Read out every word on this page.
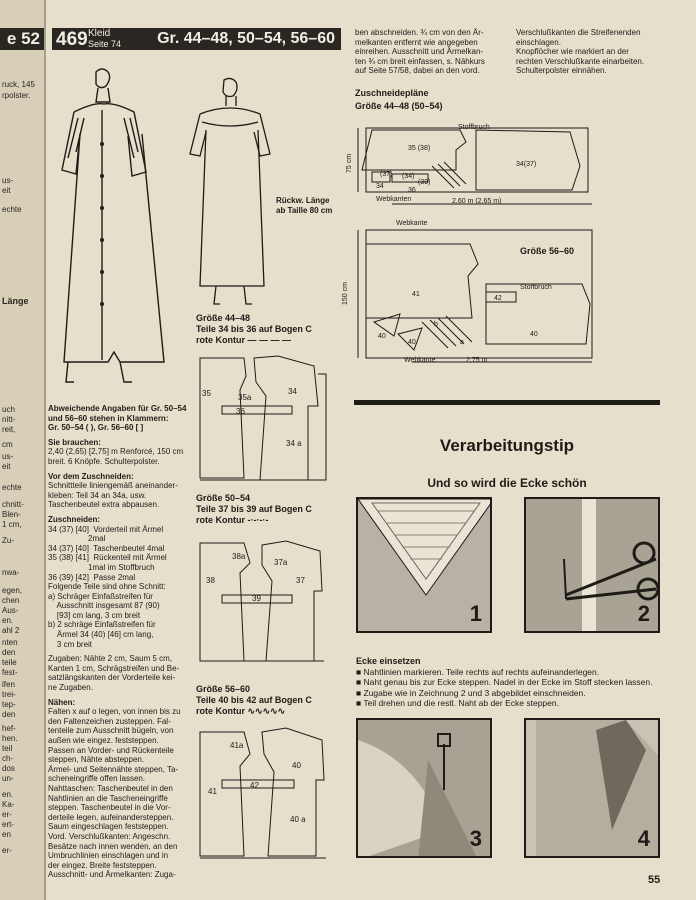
e 52
ruck, 145
rpolster.
us-
eit
echte
Länge
uch
nitt-
reit,
cm
us-
eit
echte
chnitt-
Blen-
1 cm,
Zu-
nwa-
egen,
chen
Aus-
en.
ahl 2
nten
den
teile
fest-
ifen
trei-
tep-
den
hef-
hen.
teil
ch-
dos
un-
en.
Ka-
er-
ert-
en
er-
469 Kleid
Seite 74 Gr. 44–48, 50–54, 56–60
Rückw. Länge
ab Taille 80 cm
Größe 44–48
Teile 34 bis 36 auf Bogen C
rote Kontur — — — —
Größe 50–54
Teile 37 bis 39 auf Bogen C
rote Kontur -·-·-·-
Größe 56–60
Teile 40 bis 42 auf Bogen C
rote Kontur ∿∿∿∿∿
35	35a
34
36
34 a
38
38a
37a
37
39
41a
41
40
42
40 a

Abweichende Angaben für Gr. 50–54

und 56–60 stehen in Klammern:

Gr. 50–54 ( ), Gr. 56–60 [ ]

Sie brauchen:

2,40 (2,65) [2,75] m Renforcé, 150 cm

breit. 6 Knöpfe. Schulterpolster.

Vor dem Zuschneiden:

Schnittteile liniengemäß aneinander-

kleben: Teil 34 an 34a, usw.

Taschenbeutel extra abpausen.

Zuschneiden:

34 (37) [40]  Vorderteil mit Ärmel

2mal

34 (37) [40]  Taschenbeutel 4mal

35 (38) [41]  Rückenteil mit Ärmel

1mal im Stoffbruch

36 (39) [42]  Passe 2mal

Folgende Teile sind ohne Schnitt:

a) Schräger Einfaßstreifen für

Ausschnitt insgesamt 87 (90)

[93] cm lang, 3 cm breit

b) 2 schräge Einfaßstreifen für

Ärmel 34 (40) [46] cm lang,

3 cm breit

Zugaben: Nähte 2 cm, Saum 5 cm,

Kanten 1 cm, Schrägstreifen und Be-

satzlängskanten der Vorderteile kei-

ne Zugaben.

Nähen:

Falten x auf o legen, von innen bis zu

den Faltenzeichen zusteppen. Fal-

tenteile zum Ausschnitt bügeln, von

außen wie eingez. feststeppen.

Passen an Vorder- und Rückenteile

steppen, Nähte absteppen.

Ärmel- und Seitennähte steppen, Ta-

scheneingriffe offen lassen.

Nahttaschen: Taschenbeutel in den

Nahtlinien an die Tascheneingriffe

steppen. Taschenbeutel in die Vor-

derteile legen, aufeinandersteppen.

Saum eingeschlagen feststeppen.

Vord. Verschlußkanten: Angeschn.

Besätze nach innen wenden, an den

Umbruchlinien einschlagen und in

der eingez. Breite feststeppen.

Ausschnitt- und Ärmelkanten: Zuga-

ben abschneiden. ¾ cm von den Är-

melkanten entfernt wie angegeben

einreihen. Ausschnitt und Ärmelkan-

ten ¾ cm breit einfassen, s. Nähkurs

auf Seite 57/58, dabei an den vord.

Verschlußkanten die Streifenenden

einschlagen.

Knopflöcher wie markiert an der

rechten Verschlußkante einarbeiten.

Schulterpolster einnähen.

Zuschneidepläne
Größe 44–48 (50–54)
35 (38)
(37) (34)
34
(39)
36
34(37)
Stoffbruch
Webkanten
75 cm
2,60 m (2,65 m)
Webkante
Größe 56–60
41
42
40
40
40
b
a
Stoffbruch
Webkante
150 cm
2,75 m
Verarbeitungstip
Und so wird die Ecke schön
1	2

Ecke einsetzen

■ Nahtlinien markieren. Teile rechts auf rechts aufeinanderlegen.

■ Naht genau bis zur Ecke steppen. Nadel in der Ecke im Stoff stecken lassen.

■ Zugabe wie in Zeichnung 2 und 3 abgebildet einschneiden.

■ Teil drehen und die restl. Naht ab der Ecke steppen.

3	4
55
